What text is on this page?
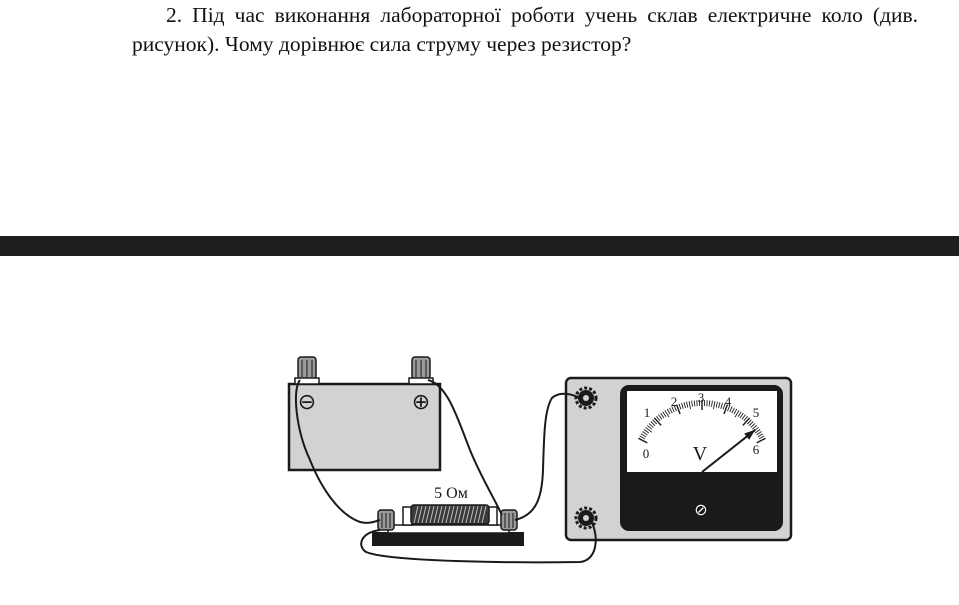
2. Під час виконання лабораторної роботи учень склав електричне коло (див. рисунок). Чому дорівнює сила струму через резистор?

⊖	⊕
5 Ом
0
1
2 3 4
5
6
V
⊘
